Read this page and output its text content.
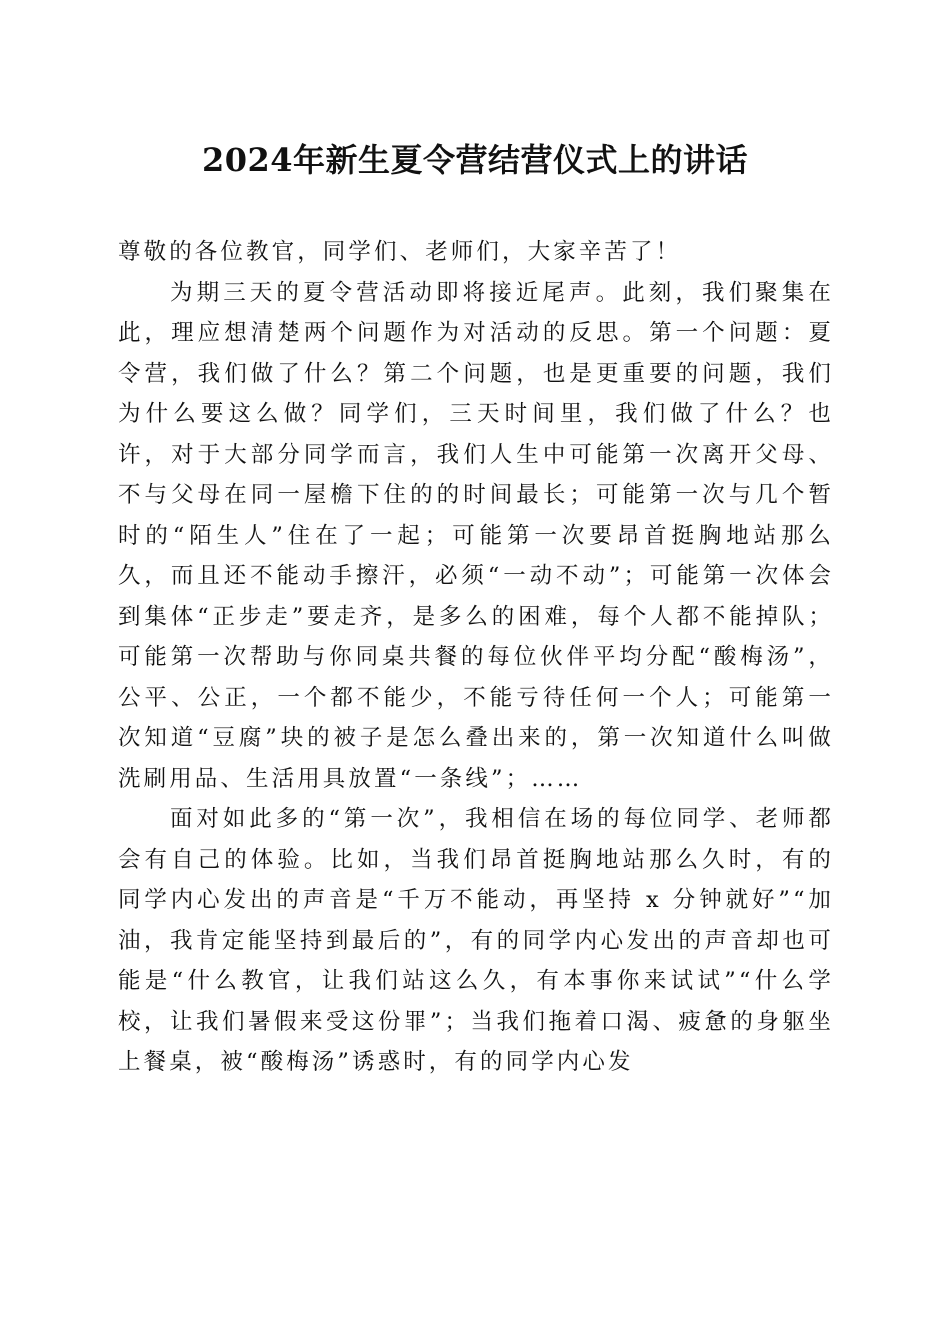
2024年新生夏令营结营仪式上的讲话

尊敬的各位教官，同学们、老师们，大家辛苦了！

为期三天的夏令营活动即将接近尾声。此刻，我们聚集在此，理应想清楚两个问题作为对活动的反思。第一个问题：夏令营，我们做了什么？第二个问题，也是更重要的问题，我们为什么要这么做？同学们，三天时间里，我们做了什么？也许，对于大部分同学而言，我们人生中可能第一次离开父母、不与父母在同一屋檐下住的的时间最长；可能第一次与几个暂时的“陌生人”住在了一起；可能第一次要昂首挺胸地站那么久，而且还不能动手擦汗，必须“一动不动”；可能第一次体会到集体“正步走”要走齐，是多么的困难，每个人都不能掉队；可能第一次帮助与你同桌共餐的每位伙伴平均分配“酸梅汤”，公平、公正，一个都不能少，不能亏待任何一个人；可能第一次知道“豆腐”块的被子是怎么叠出来的，第一次知道什么叫做洗刷用品、生活用具放置“一条线”；……

面对如此多的“第一次”，我相信在场的每位同学、老师都会有自己的体验。比如，当我们昂首挺胸地站那么久时，有的同学内心发出的声音是“千万不能动，再坚持 x 分钟就好”“加油，我肯定能坚持到最后的”，有的同学内心发出的声音却也可能是“什么教官，让我们站这么久，有本事你来试试”“什么学校，让我们暑假来受这份罪”；当我们拖着口渴、疲惫的身躯坐上餐桌，被“酸梅汤”诱惑时，有的同学内心发
